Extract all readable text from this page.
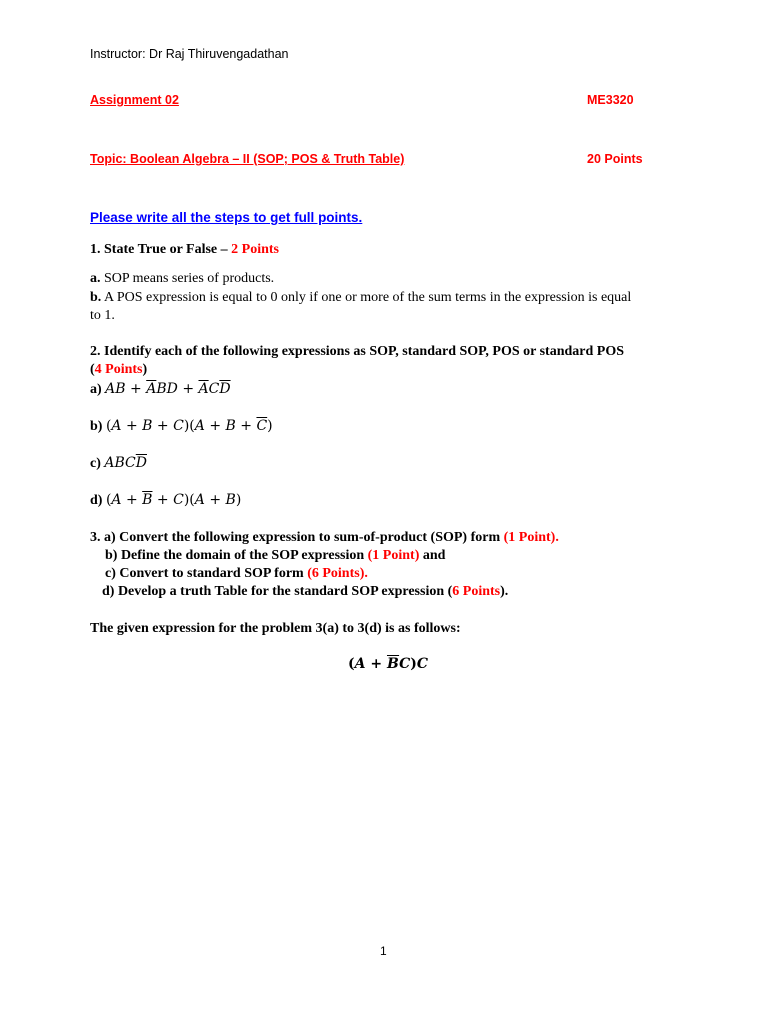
Instructor: Dr Raj Thiruvengadathan
Assignment 02	ME3320
Topic: Boolean Algebra – II (SOP; POS & Truth Table)	20 Points
Please write all the steps to get full points.
1. State True or False – 2 Points
a. SOP means series of products.
b. A POS expression is equal to 0 only if one or more of the sum terms in the expression is equal
to 1.
2. Identify each of the following expressions as SOP, standard SOP, POS or standard POS
(4 Points)
a) AB + $\overline{A}BD + \overline{A}C\overline{D}$
b) $(A + B + C)(A + B + \overline{C})$
c) $ABC\overline{D}$
d) $(A + \overline{B} + C)(A + B)$
3. a) Convert the following expression to sum-of-product (SOP) form (1 Point).
b) Define the domain of the SOP expression (1 Point) and
c) Convert to standard SOP form (6 Points).
d) Develop a truth Table for the standard SOP expression (6 Points).
The given expression for the problem 3(a) to 3(d) is as follows:
$(A + \overline{B}C)C$
1
